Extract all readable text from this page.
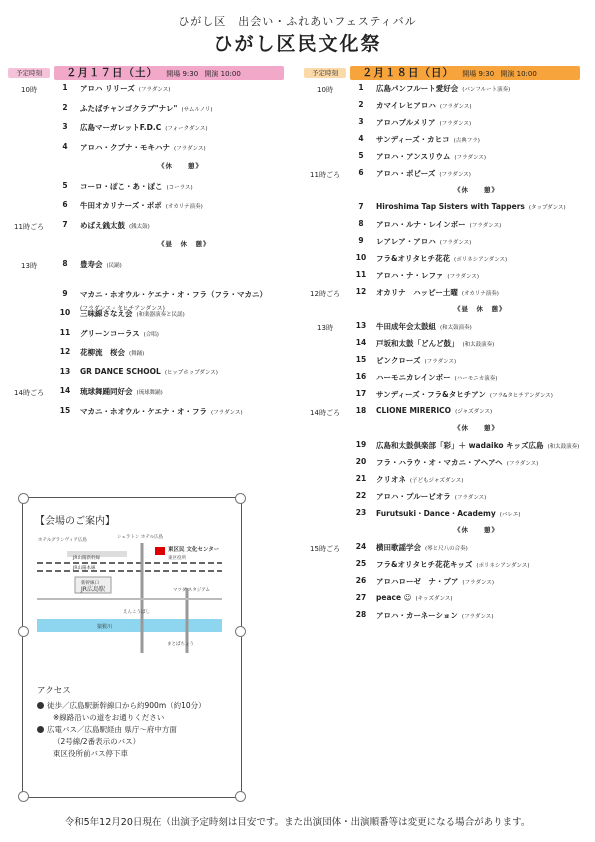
ひがし区　出会い・ふれあいフェスティバル
ひがし区民文化祭
予定時刻	２月１７日（土） 開場 9:30 開演 10:00
10時	1	アロハ リリーズ (フラダンス)
2	ふたばチャンゴクラブ"ナレ" (サムルノリ)
3	広島マーガレットF.D.C (フォークダンス)
4	アロハ・クプナ・モキハナ (フラダンス)
《休　　憩》
5	コーロ・ぽこ・あ・ぽこ (コーラス)
6	牛田オカリナーズ・ポポ (オカリナ演奏)
11時ごろ	7	めばえ銭太鼓 (銭太鼓)
《昼　休　憩》
13時	8	豊寿会 (民踊)
9	マカニ・ホオウル・ケエナ・オ・フラ（フラ・マカニ）
(フラダンス・タヒチアンダンス)
10	三味線さなえ会 (和楽器演奏と民謡)
11	グリーンコーラス (合唱)
12	花柳流　桜会 (舞踊)
13	GR DANCE SCHOOL (ヒップホップダンス)
14時ごろ	14	琉球舞踊同好会 (琉球舞踊)
15	マカニ・ホオウル・ケエナ・オ・フラ (フラダンス)
予定時刻	２月１８日（日） 開場 9:30 開演 10:00
10時	1	広島パンフルート愛好会 (パンフルート演奏)
2	カマイレヒアロハ (フラダンス)
3	アロハプルメリア (フラダンス)
4	サンディーズ・カヒコ (古典フラ)
5	アロハ・アンスリウム (フラダンス)
11時ごろ	6	アロハ・ポビーズ (フラダンス)
《休　　憩》
7	Hiroshima Tap Sisters with Tappers (タップダンス)
8	アロハ・ルナ・レインボー (フラダンス)
9	レアレア・アロハ (フラダンス)
10	フラ&オリタヒチ花花 (ポリネシアンダンス)
11	アロハ・ナ・レファ (フラダンス)
12時ごろ	12	オカリナ　ハッピー土曜 (オカリナ演奏)
《昼　休　憩》
13時	13	牛田成年会太鼓組 (和太鼓演奏)
14	戸坂和太鼓「どんど鼓」 (和太鼓演奏)
15	ピンクローズ (フラダンス)
16	ハーモニカレインボー (ハーモニカ演奏)
17	サンディーズ・フラ&タヒチアン (フラ&タヒチアンダンス)
14時ごろ	18	CLIONE MIRERICO (ジャズダンス)
《休　　憩》
19	広島和太鼓倶楽部「彩」＋ wadaiko キッズ広島 (和太鼓演奏)
20	フラ・ハラウ・オ・マカニ・アヘアヘ (フラダンス)
21	クリオネ (子どもジャズダンス)
22	アロハ・プルービオラ (フラダンス)
23	Furutsuki・Dance・Academy (バレエ)
《休　　憩》
15時ごろ	24	横田歌謡学会 (琴と尺八の合奏)
25	フラ&オリタヒチ花花キッズ (ポリネシアンダンス)
26	アロハローゼ　ナ・プア (フラダンス)
27	peace ☺ (キッズダンス)
28	アロハ・カーネーション (フラダンス)
【会場のご案内】
ホテルグランヴィア広島
シェラトン ホテル広島
JR山陽新幹線
JR山陽本線
新幹線口
JR広島駅
東区民 文化センター
東区役所
マツダ スタジアム
猿猴川
えんこうばし
まとばちょう
アクセス
徒歩／広島駅新幹線口から約900m（約10分）
※線路沿いの道をお通りください
広電バス／広島駅経由 県庁～府中方面
（2号線/2番表示のバス）
東区役所前バス停下車
令和5年12月20日現在（出演予定時刻は目安です。また出演団体・出演順番等は変更になる場合があります。
